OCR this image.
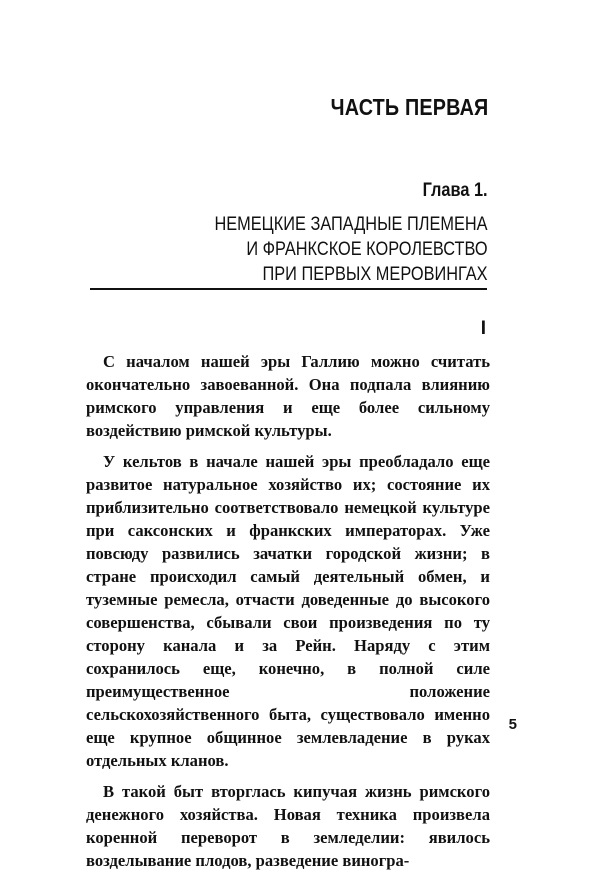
ЧАСТЬ ПЕРВАЯ
Глава 1.
НЕМЕЦКИЕ ЗАПАДНЫЕ ПЛЕМЕНА
И ФРАНКСКОЕ КОРОЛЕВСТВО
ПРИ ПЕРВЫХ МЕРОВИНГАХ
I

С началом нашей эры Галлию можно считать окончательно завоеванной. Она подпала влиянию римского управления и еще более сильному воздействию римской культуры.

У кельтов в начале нашей эры преобладало еще развитое натуральное хозяйство их; состояние их приблизительно соответствовало немецкой культуре при саксонских и франкских императорах. Уже повсюду развились зачатки городской жизни; в стране происходил самый деятельный обмен, и туземные ремесла, отчасти доведенные до высокого совершенства, сбывали свои произведения по ту сторону канала и за Рейн. Наряду с этим сохранилось еще, конечно, в полной силе преимущественное положение сельскохозяйственного быта, существовало именно еще крупное общинное землевладение в руках отдельных кланов.

В такой быт вторглась кипучая жизнь римского денежного хозяйства. Новая техника произвела коренной переворот в земледелии: явилось возделывание плодов, разведение виногра-

5
